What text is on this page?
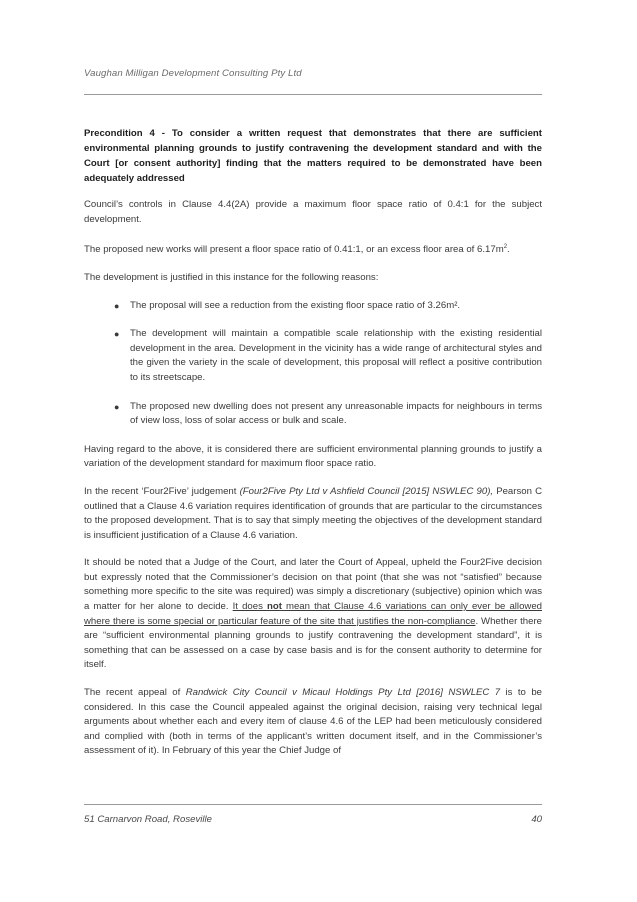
Vaughan Milligan Development Consulting Pty Ltd
Precondition 4 - To consider a written request that demonstrates that there are sufficient environmental planning grounds to justify contravening the development standard and with the Court [or consent authority] finding that the matters required to be demonstrated have been adequately addressed

Council’s controls in Clause 4.4(2A) provide a maximum floor space ratio of 0.4:1 for the subject development.

The proposed new works will present a floor space ratio of 0.41:1, or an excess floor area of $6.17m^2$.

The development is justified in this instance for the following reasons:

● The proposal will see a reduction from the existing floor space ratio of 3.26m².
● The development will maintain a compatible scale relationship with the existing residential development in the area. Development in the vicinity has a wide range of architectural styles and the given the variety in the scale of development, this proposal will reflect a positive contribution to its streetscape.
● The proposed new dwelling does not present any unreasonable impacts for neighbours in terms of view loss, loss of solar access or bulk and scale.

Having regard to the above, it is considered there are sufficient environmental planning grounds to justify a variation of the development standard for maximum floor space ratio.

In the recent ‘Four2Five’ judgement (Four2Five Pty Ltd v Ashfield Council [2015] NSWLEC 90), Pearson C outlined that a Clause 4.6 variation requires identification of grounds that are particular to the circumstances to the proposed development. That is to say that simply meeting the objectives of the development standard is insufficient justification of a Clause 4.6 variation.

It should be noted that a Judge of the Court, and later the Court of Appeal, upheld the Four2Five decision but expressly noted that the Commissioner’s decision on that point (that she was not “satisfied” because something more specific to the site was required) was simply a discretionary (subjective) opinion which was a matter for her alone to decide. It does not mean that Clause 4.6 variations can only ever be allowed where there is some special or particular feature of the site that justifies the non-compliance. Whether there are “sufficient environmental planning grounds to justify contravening the development standard”, it is something that can be assessed on a case by case basis and is for the consent authority to determine for itself.

The recent appeal of Randwick City Council v Micaul Holdings Pty Ltd [2016] NSWLEC 7 is to be considered. In this case the Council appealed against the original decision, raising very technical legal arguments about whether each and every item of clause 4.6 of the LEP had been meticulously considered and complied with (both in terms of the applicant’s written document itself, and in the Commissioner’s assessment of it). In February of this year the Chief Judge of

51 Carnarvon Road, Roseville	40
